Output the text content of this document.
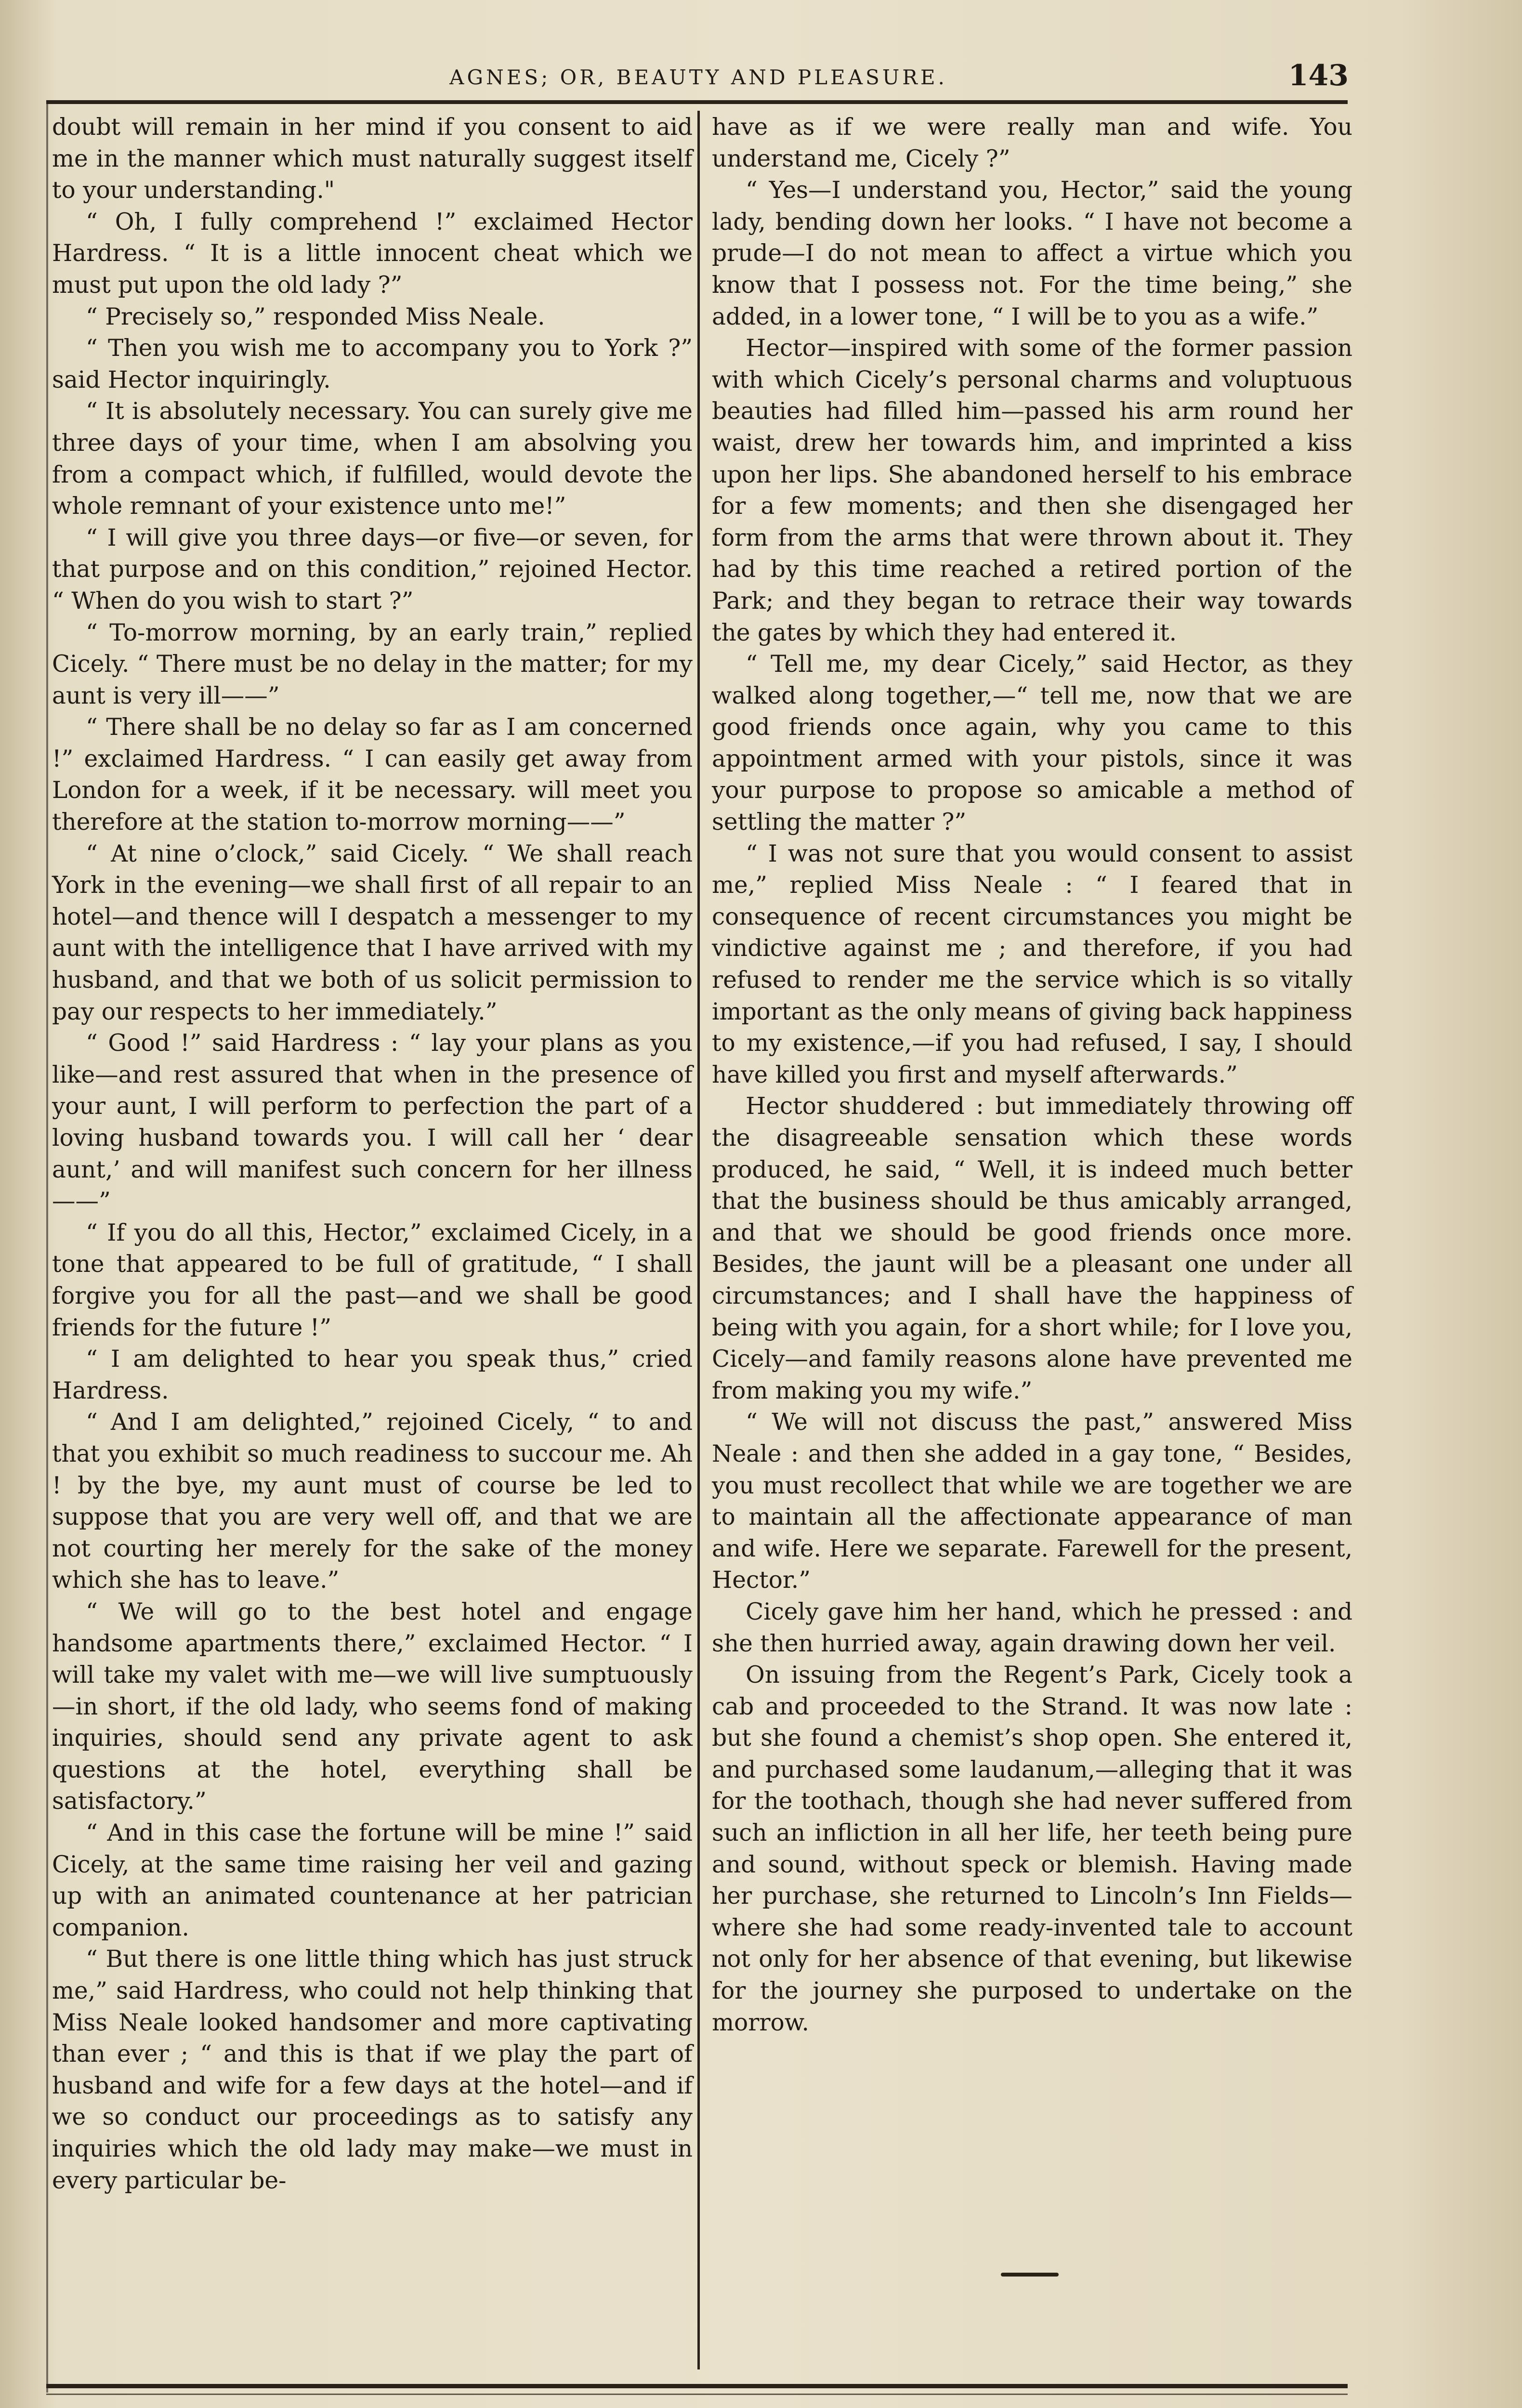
AGNES; OR, BEAUTY AND PLEASURE.	143

doubt will remain in her mind if you consent to aid me in the manner which must naturally suggest itself to your understanding."

“ Oh, I fully comprehend !” exclaimed Hector Hardress. “ It is a little innocent cheat which we must put upon the old lady ?”

“ Precisely so,” responded Miss Neale.

“ Then you wish me to accompany you to York ?” said Hector inquiringly.

“ It is absolutely necessary. You can surely give me three days of your time, when I am absolving you from a compact which, if fulfilled, would devote the whole remnant of your existence unto me!”

“ I will give you three days—or five—or seven, for that purpose and on this condition,” rejoined Hector. “ When do you wish to start ?”

“ To-morrow morning, by an early train,” replied Cicely. “ There must be no delay in the matter; for my aunt is very ill——”

“ There shall be no delay so far as I am concerned !” exclaimed Hardress. “ I can easily get away from London for a week, if it be necessary. will meet you therefore at the station to-morrow morning——”

“ At nine o’clock,” said Cicely. “ We shall reach York in the evening—we shall first of all repair to an hotel—and thence will I despatch a messenger to my aunt with the intelligence that I have arrived with my husband, and that we both of us solicit permission to pay our respects to her immediately.”

“ Good !” said Hardress : “ lay your plans as you like—and rest assured that when in the presence of your aunt, I will perform to perfection the part of a loving husband towards you. I will call her ‘ dear aunt,’ and will manifest such concern for her illness——”

“ If you do all this, Hector,” exclaimed Cicely, in a tone that appeared to be full of gratitude, “ I shall forgive you for all the past—and we shall be good friends for the future !”

“ I am delighted to hear you speak thus,” cried Hardress.

“ And I am delighted,” rejoined Cicely, “ to and that you exhibit so much readiness to succour me. Ah ! by the bye, my aunt must of course be led to suppose that you are very well off, and that we are not courting her merely for the sake of the money which she has to leave.”

“ We will go to the best hotel and engage handsome apartments there,” exclaimed Hector. “ I will take my valet with me—we will live sumptuously—in short, if the old lady, who seems fond of making inquiries, should send any private agent to ask questions at the hotel, everything shall be satisfactory.”

“ And in this case the fortune will be mine !” said Cicely, at the same time raising her veil and gazing up with an animated countenance at her patrician companion.

“ But there is one little thing which has just struck me,” said Hardress, who could not help thinking that Miss Neale looked handsomer and more captivating than ever ; “ and this is that if we play the part of husband and wife for a few days at the hotel—and if we so conduct our proceedings as to satisfy any inquiries which the old lady may make—we must in every particular be-

have as if we were really man and wife. You understand me, Cicely ?”

“ Yes—I understand you, Hector,” said the young lady, bending down her looks. “ I have not become a prude—I do not mean to affect a virtue which you know that I possess not. For the time being,” she added, in a lower tone, “ I will be to you as a wife.”

Hector—inspired with some of the former passion with which Cicely’s personal charms and voluptuous beauties had filled him—passed his arm round her waist, drew her towards him, and imprinted a kiss upon her lips. She abandoned herself to his embrace for a few moments; and then she disengaged her form from the arms that were thrown about it. They had by this time reached a retired portion of the Park; and they began to retrace their way towards the gates by which they had entered it.

“ Tell me, my dear Cicely,” said Hector, as they walked along together,—“ tell me, now that we are good friends once again, why you came to this appointment armed with your pistols, since it was your purpose to propose so amicable a method of settling the matter ?”

“ I was not sure that you would consent to assist me,” replied Miss Neale : “ I feared that in consequence of recent circumstances you might be vindictive against me ; and therefore, if you had refused to render me the service which is so vitally important as the only means of giving back happiness to my existence,—if you had refused, I say, I should have killed you first and myself afterwards.”

Hector shuddered : but immediately throwing off the disagreeable sensation which these words produced, he said, “ Well, it is indeed much better that the business should be thus amicably arranged, and that we should be good friends once more. Besides, the jaunt will be a pleasant one under all circumstances; and I shall have the happiness of being with you again, for a short while; for I love you, Cicely—and family reasons alone have prevented me from making you my wife.”

“ We will not discuss the past,” answered Miss Neale : and then she added in a gay tone, “ Besides, you must recollect that while we are together we are to maintain all the affectionate appearance of man and wife. Here we separate. Farewell for the present, Hector.”

Cicely gave him her hand, which he pressed : and she then hurried away, again drawing down her veil.

On issuing from the Regent’s Park, Cicely took a cab and proceeded to the Strand. It was now late : but she found a chemist’s shop open. She entered it, and purchased some laudanum,—alleging that it was for the toothach, though she had never suffered from such an infliction in all her life, her teeth being pure and sound, without speck or blemish. Having made her purchase, she returned to Lincoln’s Inn Fields—where she had some ready-invented tale to account not only for her absence of that evening, but likewise for the journey she purposed to undertake on the morrow.
